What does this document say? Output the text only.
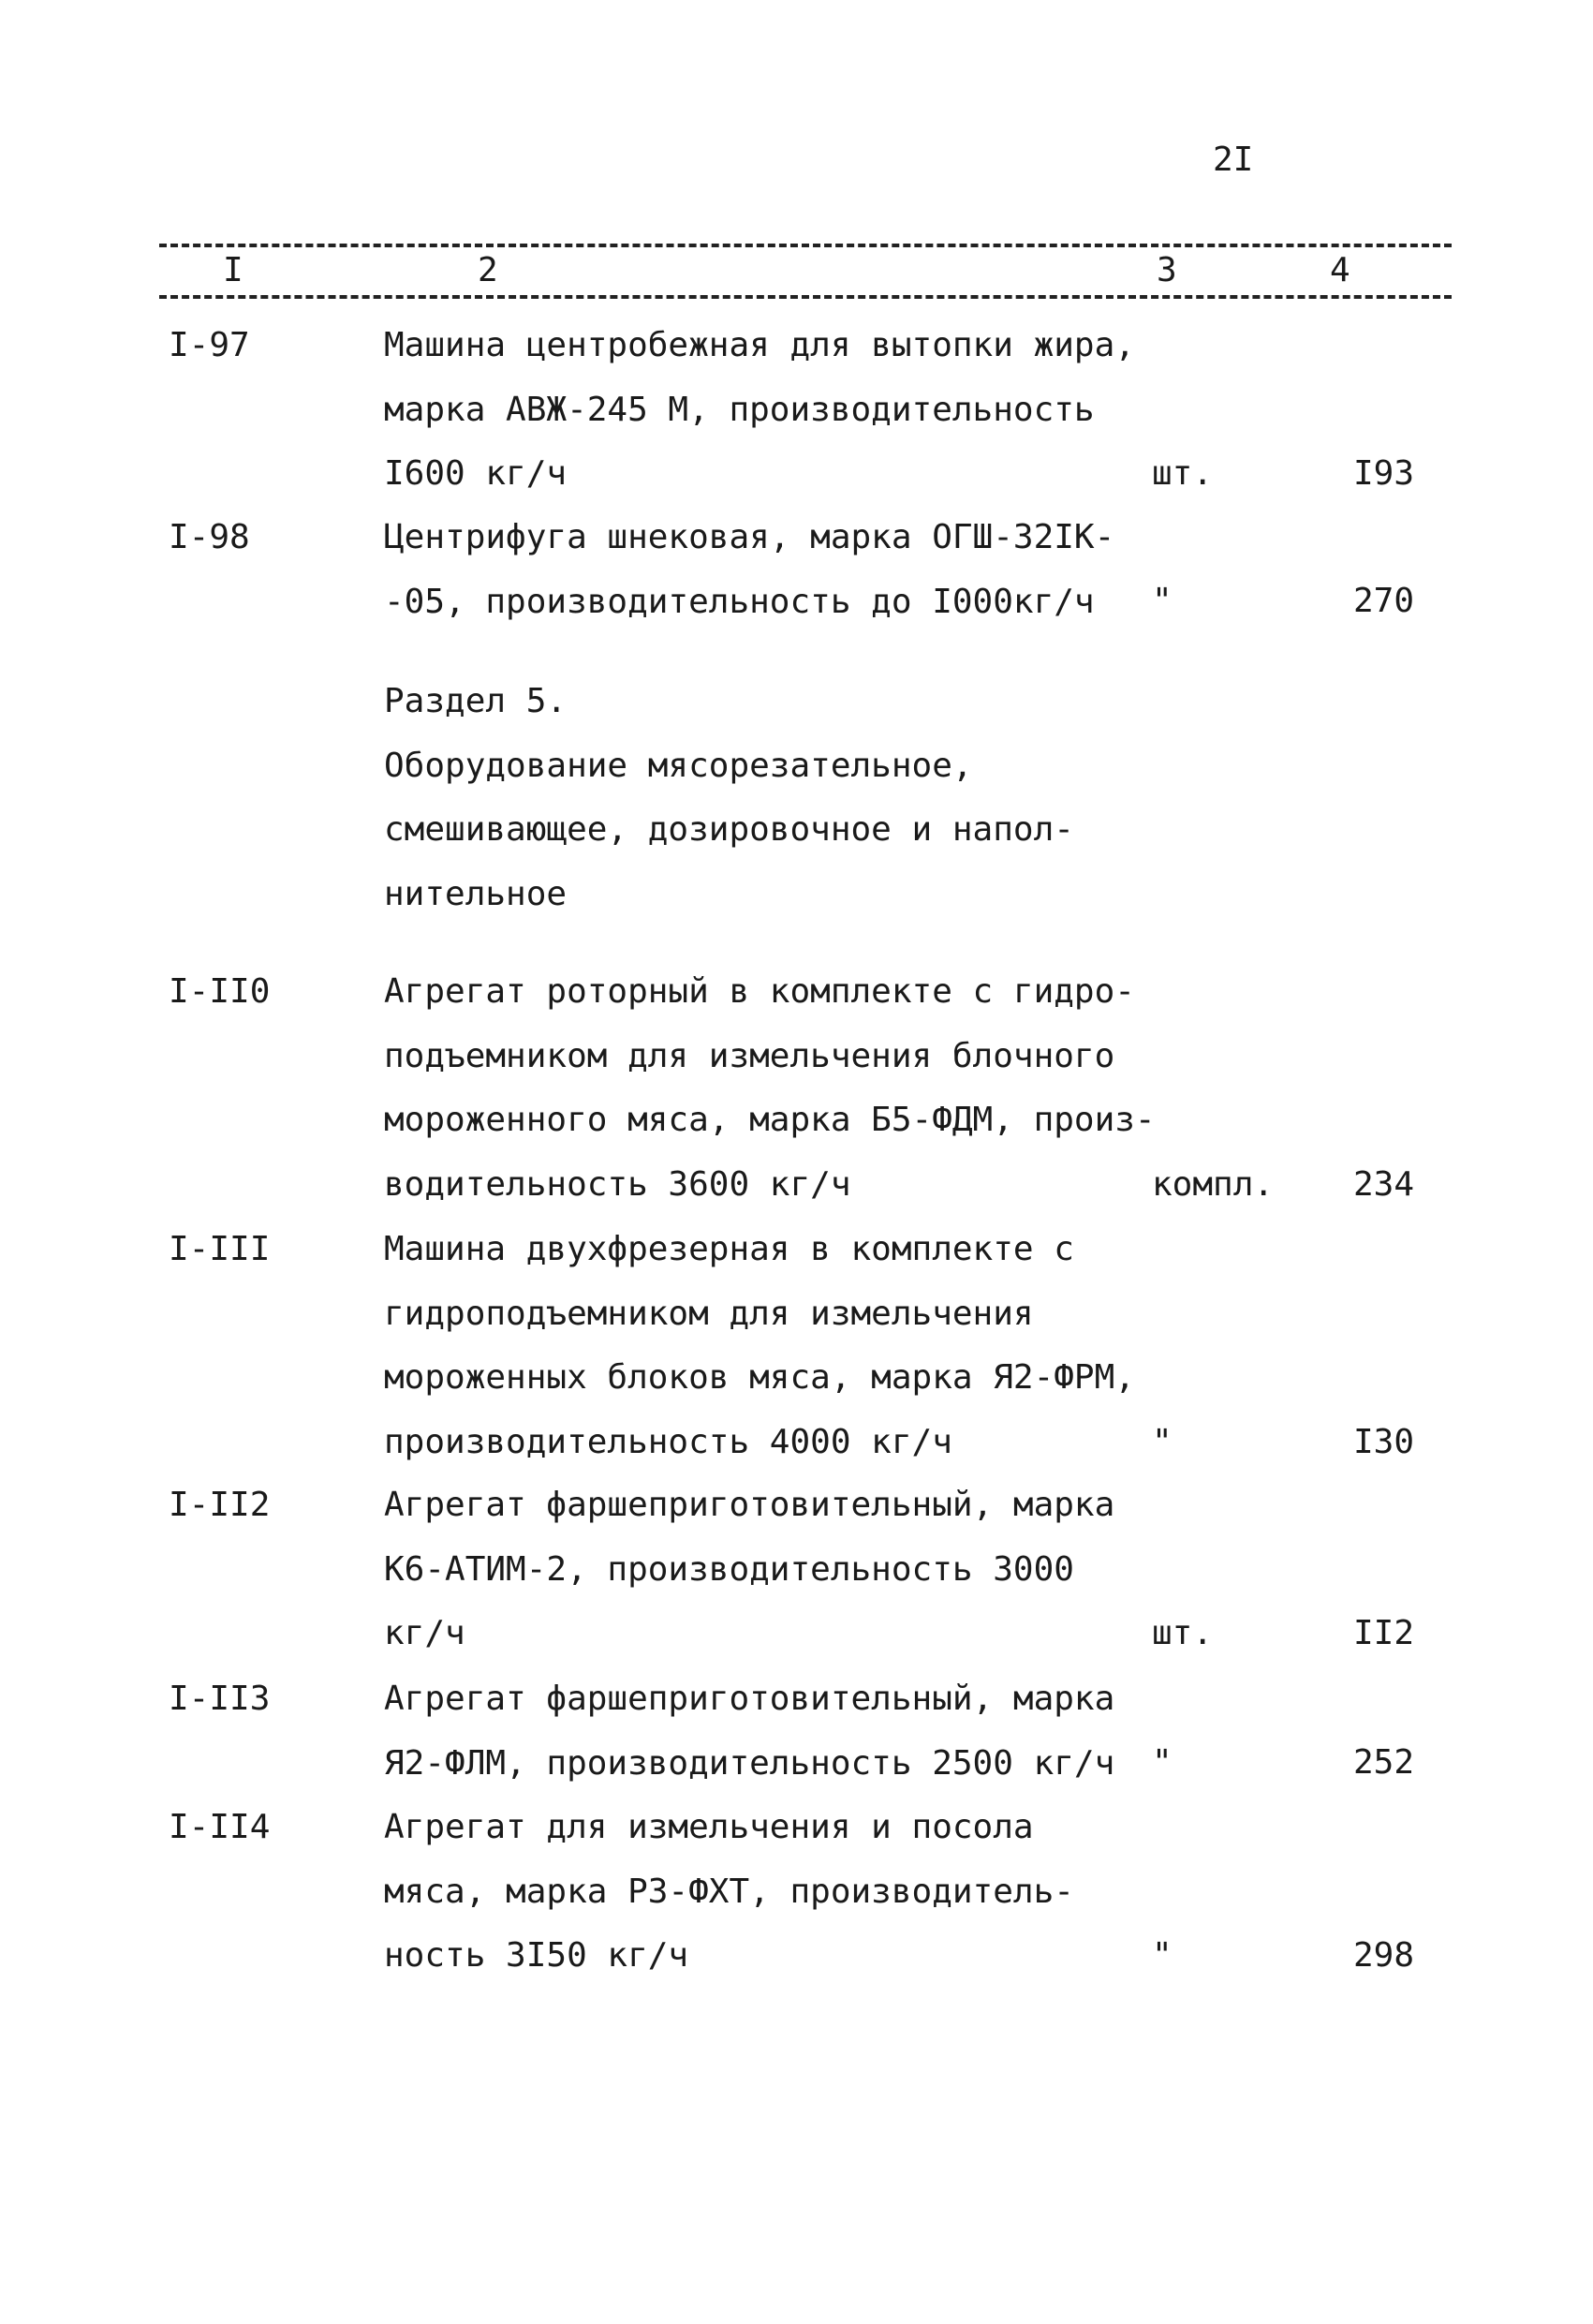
2I
I	2	3	4
I-97	Машина центробежная для вытопки жира,
марка АВЖ-245 М, производительность
I600 кг/ч	шт.	I93
I-98	Центрифуга шнековая, марка ОГШ-32IК-
-05, производительность до I000кг/ч	"	270
Раздел 5.
Оборудование мясорезательное,
смешивающее, дозировочное и напол-
нительное
I-II0	Агрегат роторный в комплекте с гидро-
подъемником для измельчения блочного
мороженного мяса, марка Б5-ФДМ, произ-
водительность 3600 кг/ч	компл.	234
I-III	Машина двухфрезерная в комплекте с
гидроподъемником для измельчения
мороженных блоков мяса, марка Я2-ФРМ,
производительность 4000 кг/ч	"	I30
I-II2	Агрегат фаршеприготовительный, марка
К6-АТИМ-2, производительность 3000
кг/ч	шт.	II2
I-II3	Агрегат фаршеприготовительный, марка
Я2-ФЛМ, производительность 2500 кг/ч	"	252
I-II4	Агрегат для измельчения и посола
мяса, марка РЗ-ФХТ, производитель-
ность 3I50 кг/ч	"	298
